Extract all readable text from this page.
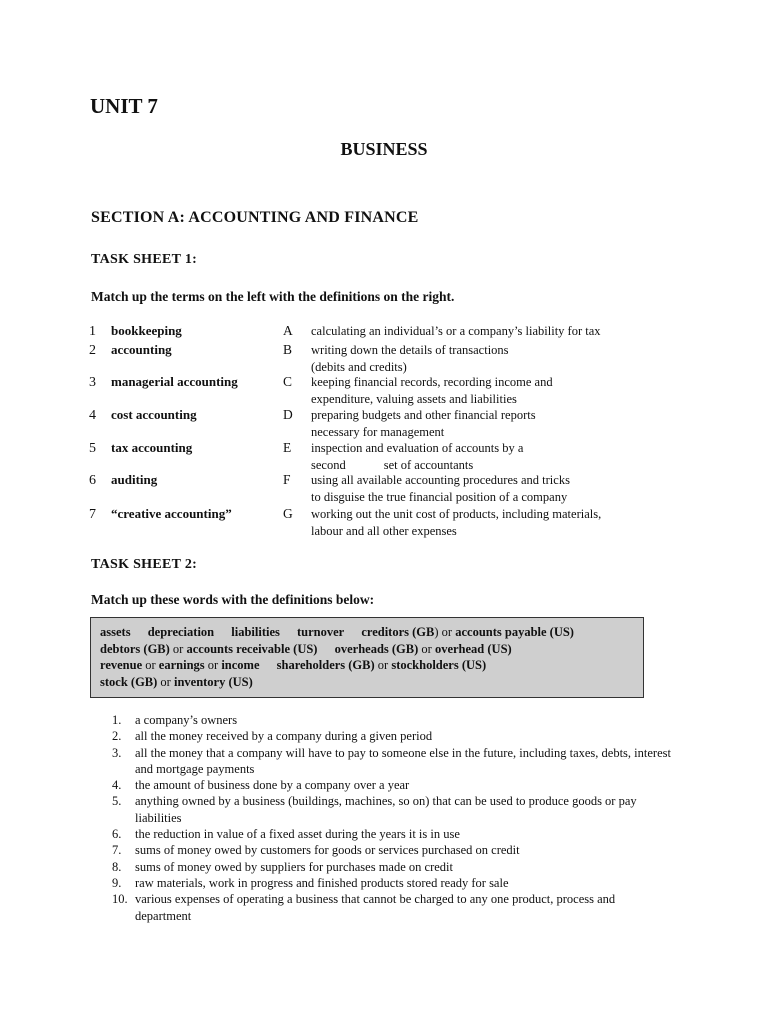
UNIT 7
BUSINESS
SECTION A: ACCOUNTING AND FINANCE
TASK SHEET 1:

Match up the terms on the left with the definitions on the right.

1 bookkeeping	A calculating an individual’s or a company’s liability for tax
2 accounting	B writing down the details of transactions
(debits and credits)
3 managerial accounting	C keeping financial records, recording income and
expenditure, valuing assets and liabilities
4 cost accounting	D preparing budgets and other financial reports
necessary for management
5 tax accounting	E inspection and evaluation of accounts by a
second	set of accountants
6 auditing	F using all available accounting procedures and tricks
to disguise the true financial position of a company
7 “creative accounting”	G working out the unit cost of products, including materials,
labour and all other expenses
TASK SHEET 2:

Match up these words with the definitions below:

assets depreciation liabilities turnover creditors (GB) or accounts payable (US)
debtors (GB) or accounts receivable (US) overheads (GB) or overhead (US)
revenue or earnings or income shareholders (GB) or stockholders (US)
stock (GB) or inventory (US)
1. a company’s owners
2. all the money received by a company during a given period
3. all the money that a company will have to pay to someone else in the future, including taxes, debts, interest and mortgage payments
4. the amount of business done by a company over a year
5. anything owned by a business (buildings, machines, so on) that can be used to produce goods or pay liabilities
6. the reduction in value of a fixed asset during the years it is in use
7. sums of money owed by customers for goods or services purchased on credit
8. sums of money owed by suppliers for purchases made on credit
9. raw materials, work in progress and finished products stored ready for sale
10. various expenses of operating a business that cannot be charged to any one product, process and department
